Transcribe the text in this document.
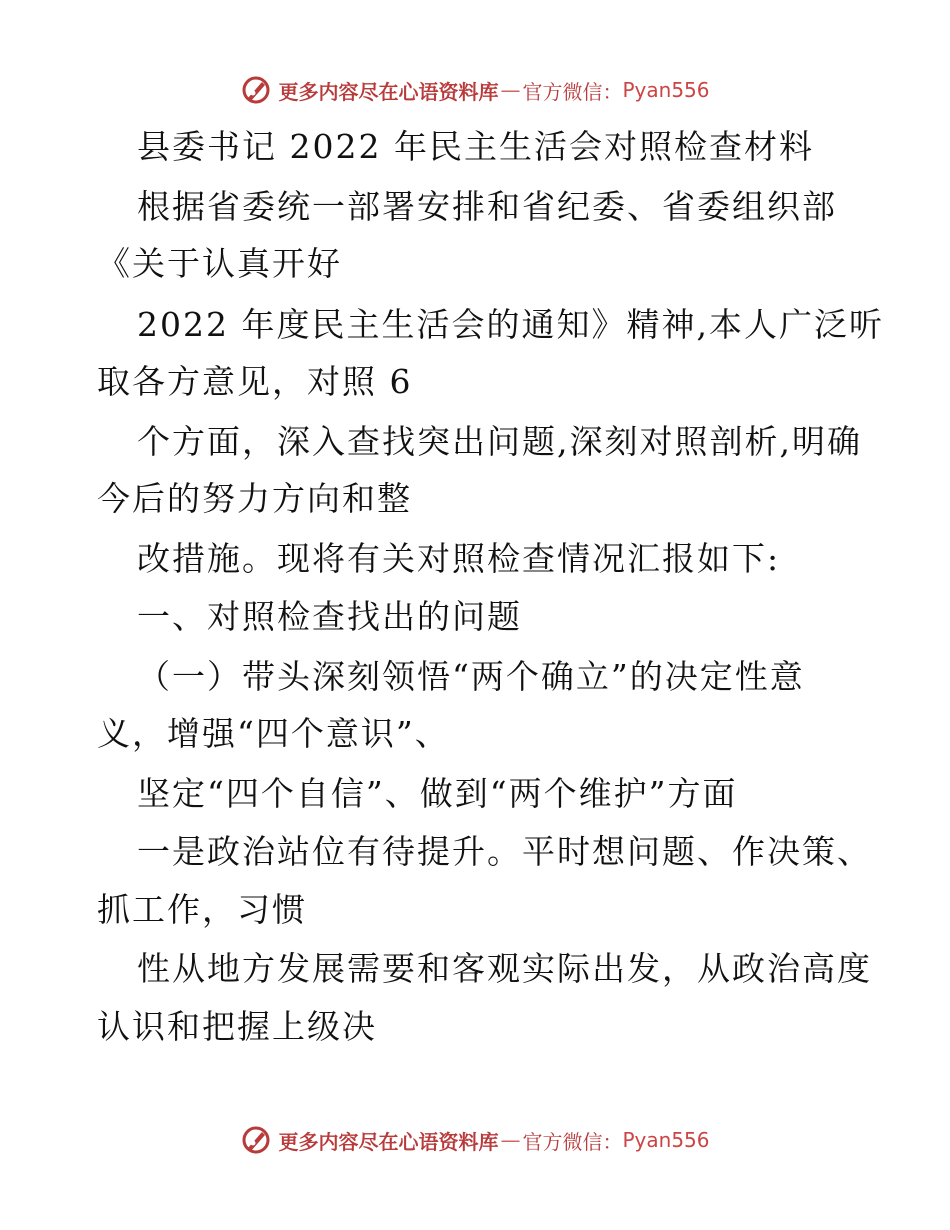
更多内容尽在心语资料库 — 官方微信： Pyan556
县委书记 2022 年民主生活会对照检查材料
根据省委统一部署安排和省纪委、省委组织部
《关于认真开好
2022 年度民主生活会的通知》精神,本人广泛听
取各方意见，对照 6
个方面，深入查找突出问题,深刻对照剖析,明确
今后的努力方向和整
改措施。现将有关对照检查情况汇报如下:
一、对照检查找出的问题
（一）带头深刻领悟“两个确立”的决定性意
义，增强“四个意识”、
坚定“四个自信”、做到“两个维护”方面
一是政治站位有待提升。平时想问题、作决策、
抓工作，习惯
性从地方发展需要和客观实际出发，从政治高度
认识和把握上级决
更多内容尽在心语资料库 — 官方微信： Pyan556
